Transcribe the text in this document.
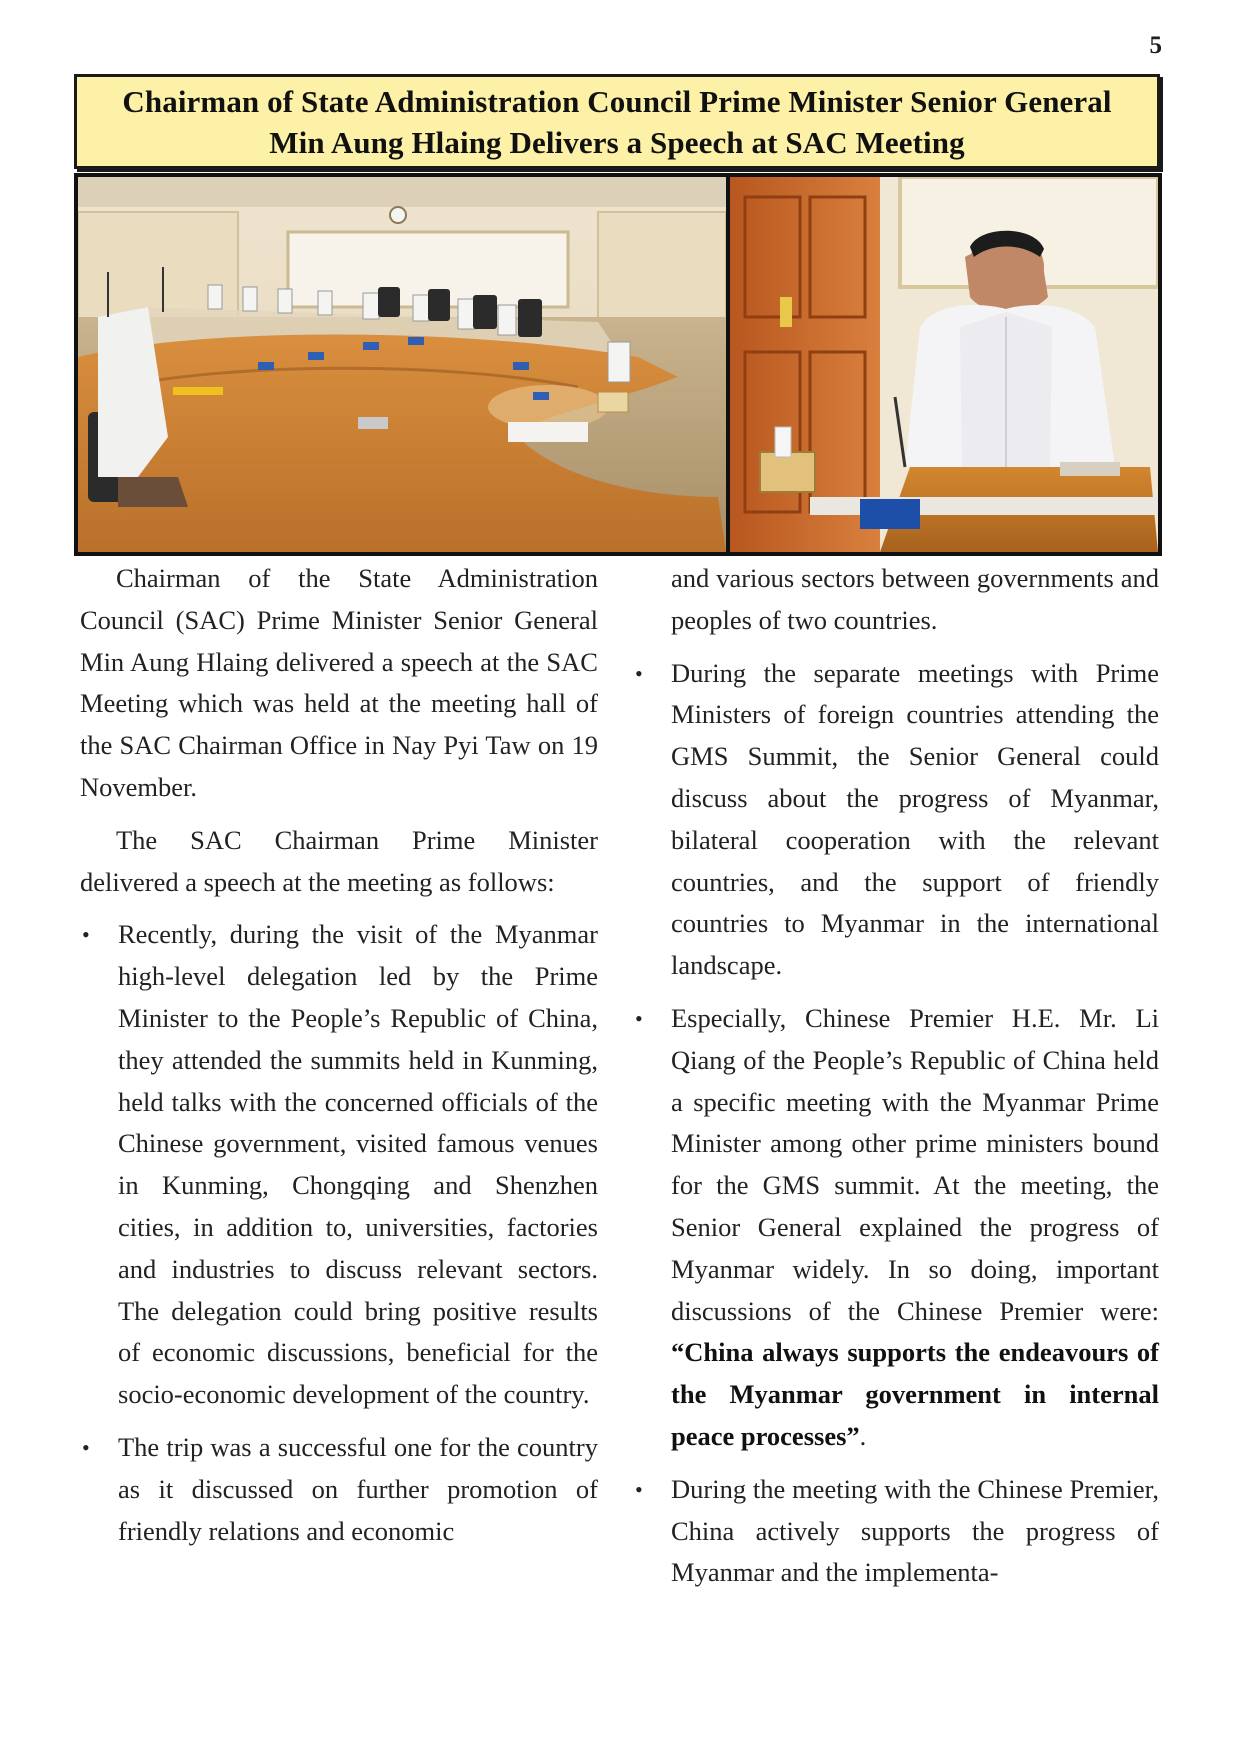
5
Chairman of State Administration Council Prime Minister Senior General
Min Aung Hlaing Delivers a Speech at SAC Meeting

Chairman of the State Administration Council (SAC) Prime Minister Senior General Min Aung Hlaing delivered a speech at the SAC Meeting which was held at the meeting hall of the SAC Chairman Office in Nay Pyi Taw on 19 November.

The SAC Chairman Prime Minister delivered a speech at the meeting as follows:

• Recently, during the visit of the Myanmar high-level delegation led by the Prime Minister to the People’s Republic of China, they attended the summits held in Kunming, held talks with the concerned officials of the Chinese government, visited famous venues in Kunming, Chongqing and Shenzhen cities, in addition to, universities, factories and industries to discuss relevant sectors. The delegation could bring positive results of economic discussions, beneficial for the socio-economic development of the country.
• The trip was a successful one for the country as it discussed on further promotion of friendly relations and economic

and various sectors between governments and peoples of two countries.

• During the separate meetings with Prime Ministers of foreign countries attending the GMS Summit, the Senior General could discuss about the progress of Myanmar, bilateral cooperation with the relevant countries, and the support of friendly countries to Myanmar in the international landscape.
• Especially, Chinese Premier H.E. Mr. Li Qiang of the People’s Republic of China held a specific meeting with the Myanmar Prime Minister among other prime ministers bound for the GMS summit. At the meeting, the Senior General explained the progress of Myanmar widely. In so doing, important discussions of the Chinese Premier were: “China always supports the endeavours of the Myanmar government in internal peace processes”.
• During the meeting with the Chinese Premier, China actively supports the progress of Myanmar and the implementa-
